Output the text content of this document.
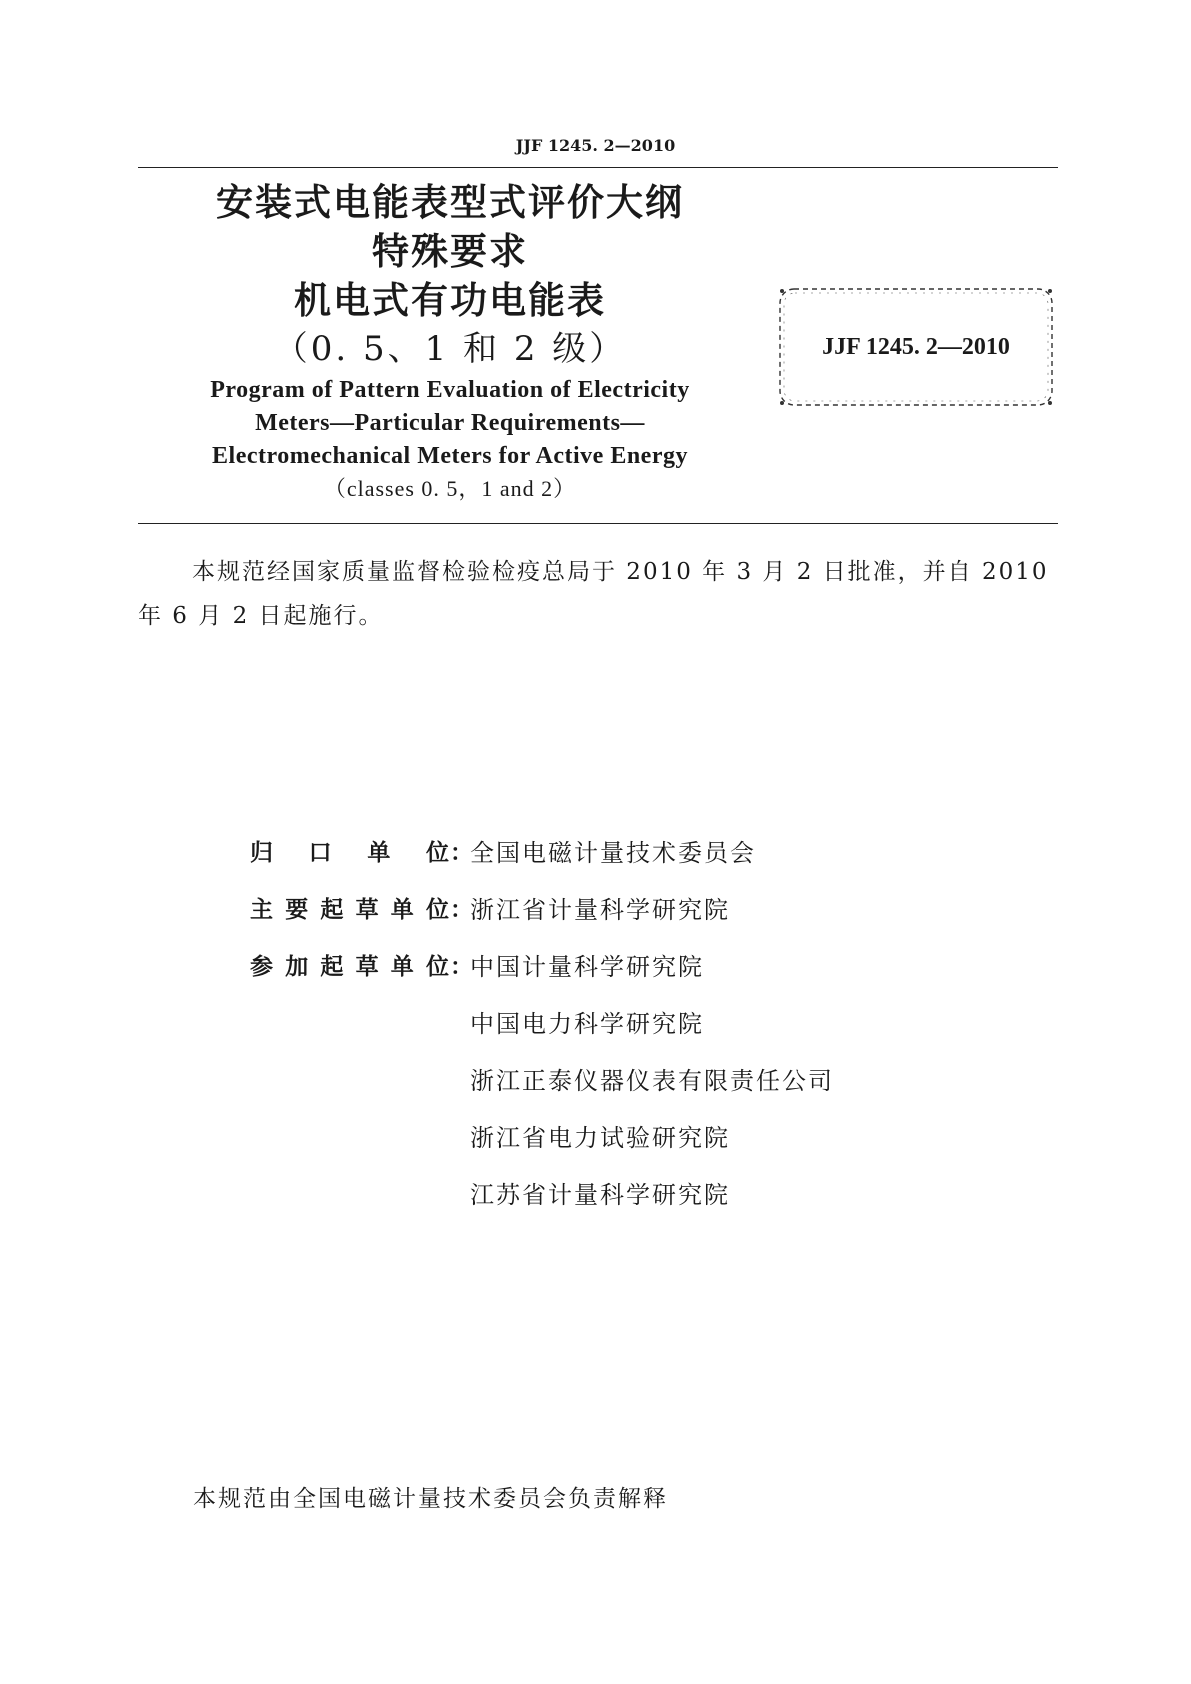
JJF 1245. 2—2010

安装式电能表型式评价大纲

特殊要求

机电式有功电能表

（0. 5、1 和 2 级）

Program of Pattern Evaluation of Electricity

Meters—Particular Requirements—

Electromechanical Meters for Active Energy

（classes 0. 5，1 and 2）

JJF 1245. 2—2010

本规范经国家质量监督检验检疫总局于 2010 年 3 月 2 日批准，并自 2010 年 6 月 2 日起施行。

归口单位 ：
全国电磁计量技术委员会
主要起草单位 ：
浙江省计量科学研究院
参加起草单位 ：
中国计量科学研究院
中国电力科学研究院
浙江正泰仪器仪表有限责任公司
浙江省电力试验研究院
江苏省计量科学研究院
本规范由全国电磁计量技术委员会负责解释
